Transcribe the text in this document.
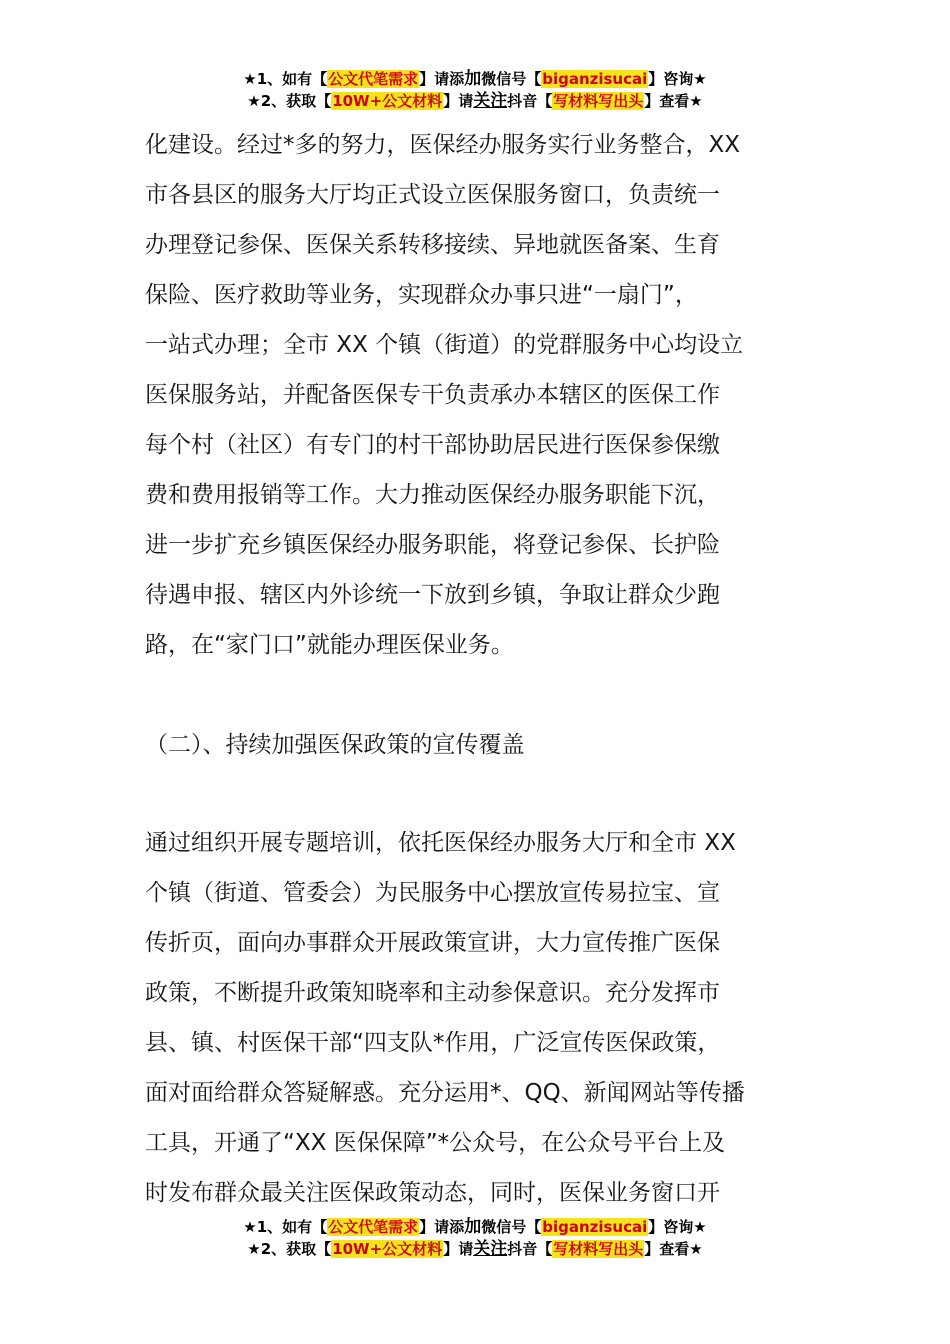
★1、如有【公文代笔需求】请添加微信号【biganzisucai】咨询★
★2、获取【10W+公文材料】请关注抖音【写材料写出头】查看★
化建设。经过*多的努力，医保经办服务实行业务整合，XX
市各县区的服务大厅均正式设立医保服务窗口，负责统一
办理登记参保、医保关系转移接续、异地就医备案、生育
保险、医疗救助等业务，实现群众办事只进“一扇门”，
一站式办理；全市 XX 个镇（街道）的党群服务中心均设立
医保服务站，并配备医保专干负责承办本辖区的医保工作
每个村（社区）有专门的村干部协助居民进行医保参保缴
费和费用报销等工作。大力推动医保经办服务职能下沉，
进一步扩充乡镇医保经办服务职能，将登记参保、长护险
待遇申报、辖区内外诊统一下放到乡镇，争取让群众少跑
路，在“家门口”就能办理医保业务。
（二）、持续加强医保政策的宣传覆盖
通过组织开展专题培训，依托医保经办服务大厅和全市 XX
个镇（街道、管委会）为民服务中心摆放宣传易拉宝、宣
传折页，面向办事群众开展政策宣讲，大力宣传推广医保
政策，不断提升政策知晓率和主动参保意识。充分发挥市
县、镇、村医保干部“四支队*作用，广泛宣传医保政策，
面对面给群众答疑解惑。充分运用*、QQ、新闻网站等传播
工具，开通了“XX 医保保障”*公众号，在公众号平台上及
时发布群众最关注医保政策动态，同时，医保业务窗口开
★1、如有【公文代笔需求】请添加微信号【biganzisucai】咨询★
★2、获取【10W+公文材料】请关注抖音【写材料写出头】查看★
